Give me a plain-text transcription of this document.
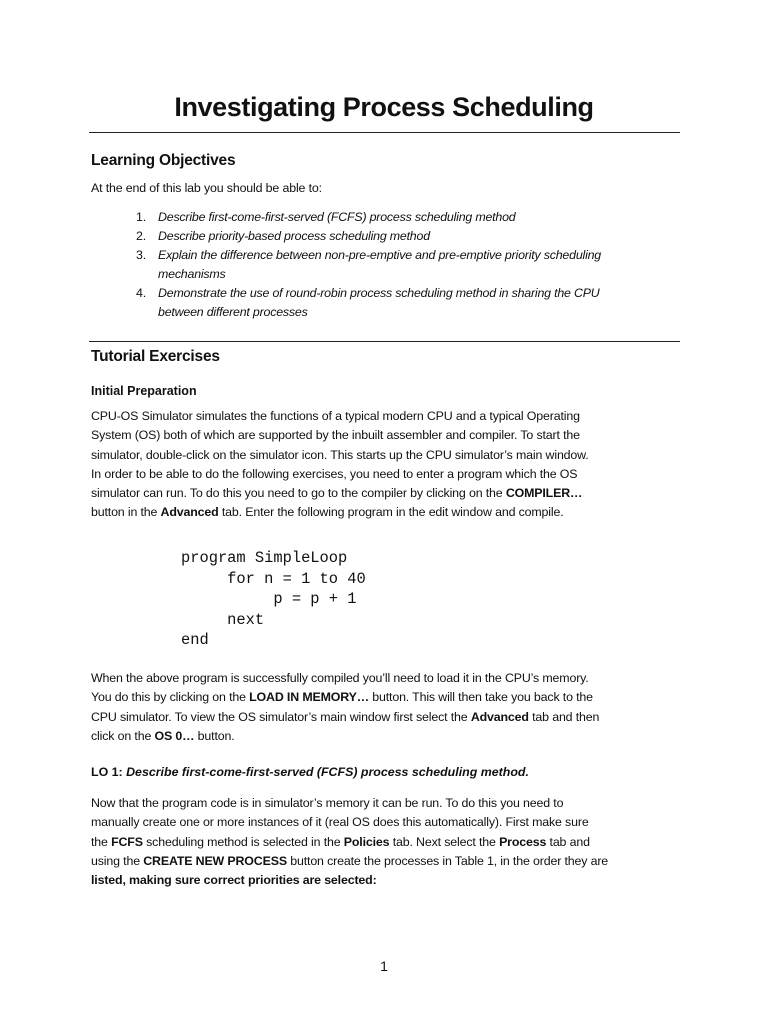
Investigating Process Scheduling
Learning Objectives
At the end of this lab you should be able to:
1. Describe first-come-first-served (FCFS) process scheduling method
2. Describe priority-based process scheduling method
3. Explain the difference between non-pre-emptive and pre-emptive priority scheduling
mechanisms
4. Demonstrate the use of round-robin process scheduling method in sharing the CPU
between different processes
Tutorial Exercises
Initial Preparation
CPU-OS Simulator simulates the functions of a typical modern CPU and a typical Operating
System (OS) both of which are supported by the inbuilt assembler and compiler. To start the
simulator, double-click on the simulator icon. This starts up the CPU simulator’s main window.
In order to be able to do the following exercises, you need to enter a program which the OS
simulator can run. To do this you need to go to the compiler by clicking on the COMPILER…
button in the Advanced tab. Enter the following program in the edit window and compile.
program SimpleLoop
for n = 1 to 40
p = p + 1
next
end
When the above program is successfully compiled you’ll need to load it in the CPU’s memory.
You do this by clicking on the LOAD IN MEMORY… button. This will then take you back to the
CPU simulator. To view the OS simulator’s main window first select the Advanced tab and then
click on the OS 0… button.
LO 1: Describe first-come-first-served (FCFS) process scheduling method.
Now that the program code is in simulator’s memory it can be run. To do this you need to
manually create one or more instances of it (real OS does this automatically). First make sure
the FCFS scheduling method is selected in the Policies tab. Next select the Process tab and
using the CREATE NEW PROCESS button create the processes in Table 1, in the order they are
listed, making sure correct priorities are selected:
1
